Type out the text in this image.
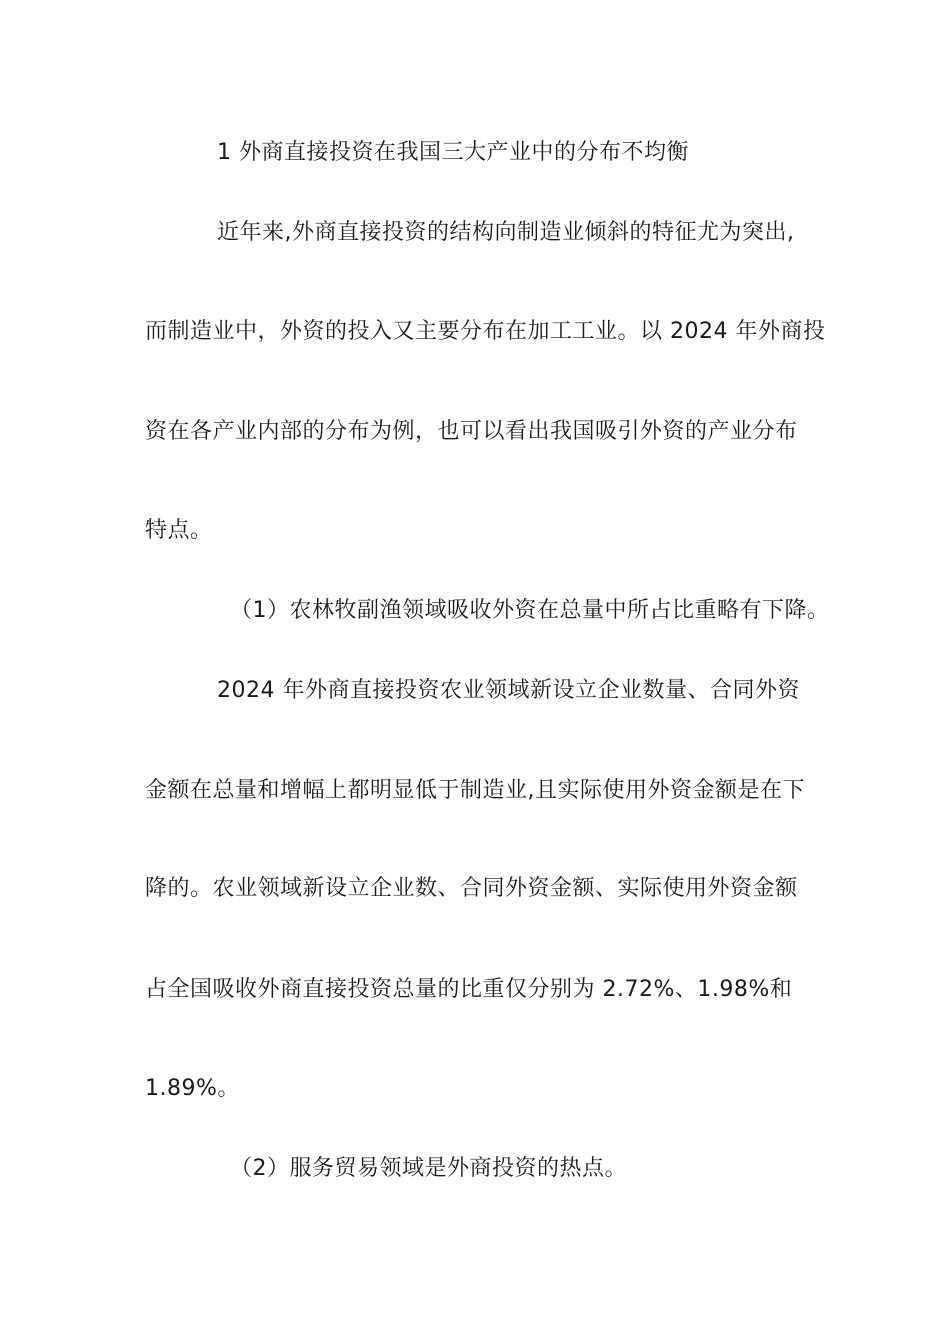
1 外商直接投资在我国三大产业中的分布不均衡
近年来,外商直接投资的结构向制造业倾斜的特征尤为突出,
而制造业中，外资的投入又主要分布在加工工业。以 2024 年外商投
资在各产业内部的分布为例，也可以看出我国吸引外资的产业分布
特点。
（1）农林牧副渔领域吸收外资在总量中所占比重略有下降。
2024 年外商直接投资农业领域新设立企业数量、合同外资
金额在总量和增幅上都明显低于制造业,且实际使用外资金额是在下
降的。农业领域新设立企业数、合同外资金额、实际使用外资金额
占全国吸收外商直接投资总量的比重仅分别为 2.72%、1.98%和
1.89%。
（2）服务贸易领域是外商投资的热点。
